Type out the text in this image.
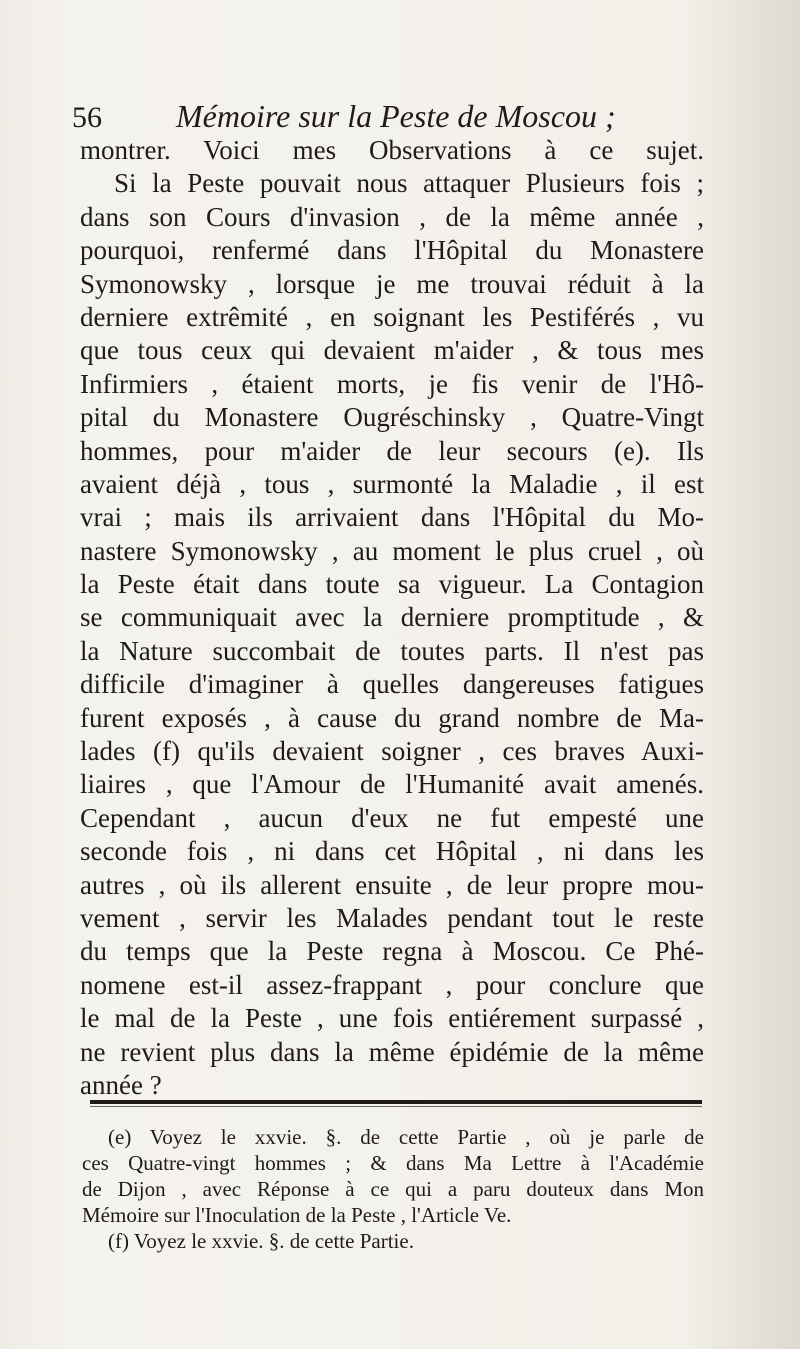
56 Mémoire sur la Peste de Moscou ;
montrer. Voici mes Observations à ce sujet.
Si la Peste pouvait nous attaquer Plusieurs fois ;
dans son Cours d'invasion , de la même année ,
pourquoi, renfermé dans l'Hôpital du Monastere
Symonowsky , lorsque je me trouvai réduit à la
derniere extrêmité , en soignant les Pestiférés , vu
que tous ceux qui devaient m'aider , & tous mes
Infirmiers , étaient morts, je fis venir de l'Hô-
pital du Monastere Ougréschinsky , Quatre-Vingt
hommes, pour m'aider de leur secours (e). Ils
avaient déjà , tous , surmonté la Maladie , il est
vrai ; mais ils arrivaient dans l'Hôpital du Mo-
nastere Symonowsky , au moment le plus cruel , où
la Peste était dans toute sa vigueur. La Contagion
se communiquait avec la derniere promptitude , &
la Nature succombait de toutes parts. Il n'est pas
difficile d'imaginer à quelles dangereuses fatigues
furent exposés , à cause du grand nombre de Ma-
lades (f) qu'ils devaient soigner , ces braves Auxi-
liaires , que l'Amour de l'Humanité avait amenés.
Cependant , aucun d'eux ne fut empesté une
seconde fois , ni dans cet Hôpital , ni dans les
autres , où ils allerent ensuite , de leur propre mou-
vement , servir les Malades pendant tout le reste
du temps que la Peste regna à Moscou. Ce Phé-
nomene est-il assez-frappant , pour conclure que
le mal de la Peste , une fois entiérement surpassé ,
ne revient plus dans la même épidémie de la même
année ?
(e) Voyez le xxvie. §. de cette Partie , où je parle de
ces Quatre-vingt hommes ; & dans Ma Lettre à l'Académie
de Dijon , avec Réponse à ce qui a paru douteux dans Mon
Mémoire sur l'Inoculation de la Peste , l'Article Ve.
(f) Voyez le xxvie. §. de cette Partie.
